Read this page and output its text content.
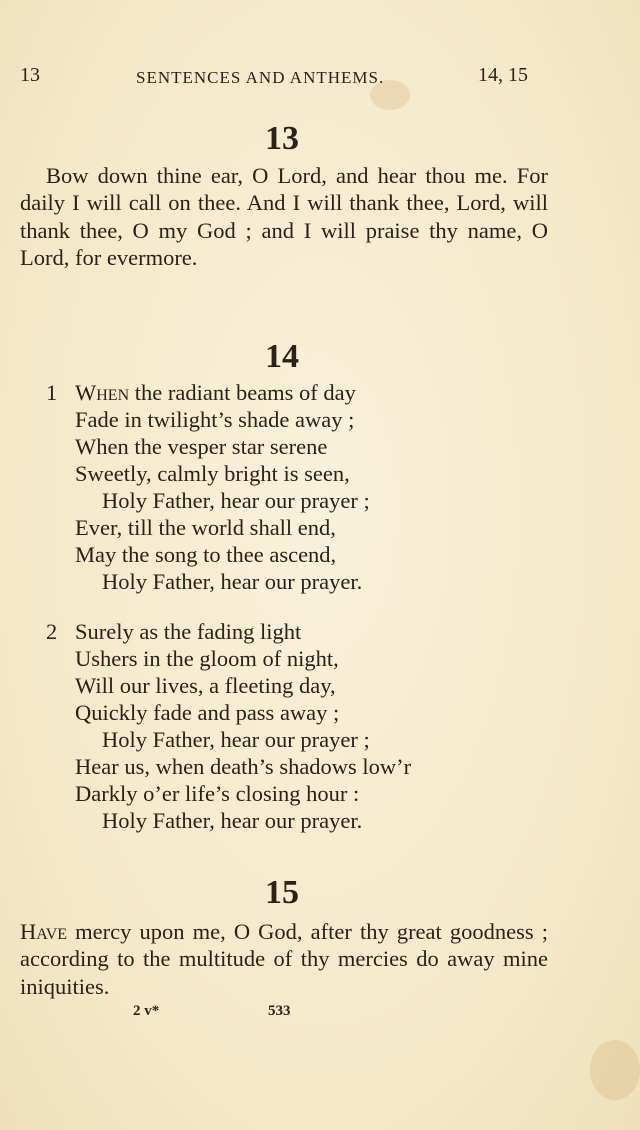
13	SENTENCES AND ANTHEMS.	14, 15
13
Bow down thine ear, O Lord, and hear thou me. For daily I will call on thee. And I will thank thee, Lord, will thank thee, O my God ; and I will praise thy name, O Lord, for evermore.
14
1 When the radiant beams of day
Fade in twilight’s shade away ;
When the vesper star serene
Sweetly, calmly bright is seen,
Holy Father, hear our prayer ;
Ever, till the world shall end,
May the song to thee ascend,
Holy Father, hear our prayer.
2 Surely as the fading light
Ushers in the gloom of night,
Will our lives, a fleeting day,
Quickly fade and pass away ;
Holy Father, hear our prayer ;
Hear us, when death’s shadows low’r
Darkly o’er life’s closing hour :
Holy Father, hear our prayer.
15
Have mercy upon me, O God, after thy great goodness ; according to the multitude of thy mercies do away mine iniquities.
2 v*	533
